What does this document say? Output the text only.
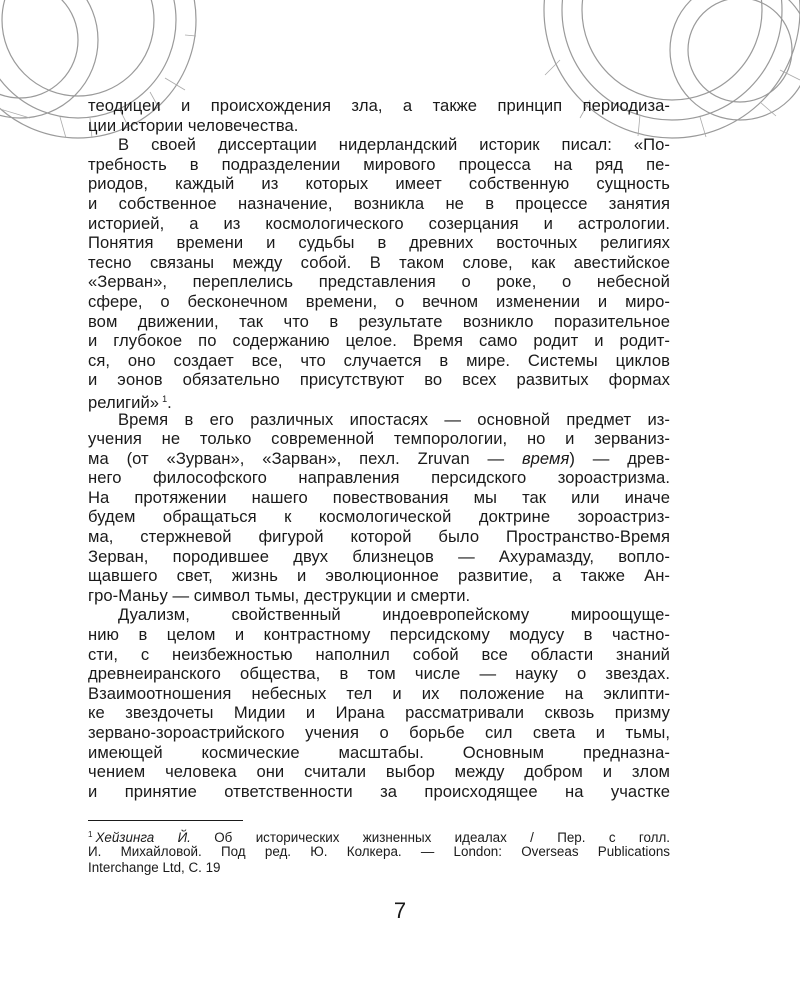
теодицеи и происхождения зла, а также принцип периодиза-
ции истории человечества.
В своей диссертации нидерландский историк писал: «По-
требность в подразделении мирового процесса на ряд пе-
риодов, каждый из которых имеет собственную сущность
и собственное назначение, возникла не в процессе занятия
историей, а из космологического созерцания и астрологии.
Понятия времени и судьбы в древних восточных религиях
тесно связаны между собой. В таком слове, как авестийское
«Зерван», переплелись представления о роке, о небесной
сфере, о бесконечном времени, о вечном изменении и миро-
вом движении, так что в результате возникло поразительное
и глубокое по содержанию целое. Время само родит и родит-
ся, оно создает все, что случается в мире. Системы циклов
и эонов обязательно присутствуют во всех развитых формах
религий» $^1$.
Время в его различных ипостасях — основной предмет из-
учения не только современной темпорологии, но и зерваниз-
ма (от «Зурван», «Зарван», пехл. Zruvan — время) — древ-
него философского направления персидского зороастризма.
На протяжении нашего повествования мы так или иначе
будем обращаться к космологической доктрине зороастриз-
ма, стержневой фигурой которой было Пространство-Время
Зерван, породившее двух близнецов — Ахурамазду, вопло-
щавшего свет, жизнь и эволюционное развитие, а также Ан-
гро-Маньу — символ тьмы, деструкции и смерти.
Дуализм, свойственный индоевропейскому мироощуще-
нию в целом и контрастному персидскому модусу в частно-
сти, с неизбежностью наполнил собой все области знаний
древнеиранского общества, в том числе — науку о звездах.
Взаимоотношения небесных тел и их положение на эклипти-
ке звездочеты Мидии и Ирана рассматривали сквозь призму
зервано-зороастрийского учения о борьбе сил света и тьмы,
имеющей космические масштабы. Основным предназна-
чением человека они считали выбор между добром и злом
и принятие ответственности за происходящее на участке
$^1$ Хейзинга Й. Об исторических жизненных идеалах / Пер. с голл.
И. Михайловой. Под ред. Ю. Колкера. — London: Overseas Publications
Interchange Ltd, С. 19
7
